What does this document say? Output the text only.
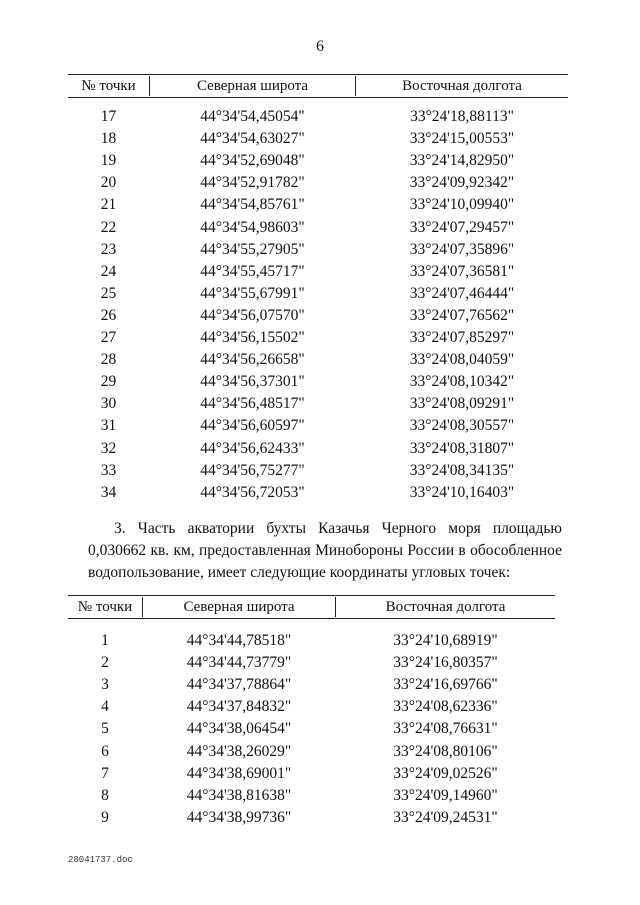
6
№ точки	Северная широта	Восточная долгота
17	44°34'54,45054"	33°24'18,88113"
18	44°34'54,63027"	33°24'15,00553"
19	44°34'52,69048"	33°24'14,82950"
20	44°34'52,91782"	33°24'09,92342"
21	44°34'54,85761"	33°24'10,09940"
22	44°34'54,98603"	33°24'07,29457"
23	44°34'55,27905"	33°24'07,35896"
24	44°34'55,45717"	33°24'07,36581"
25	44°34'55,67991"	33°24'07,46444"
26	44°34'56,07570"	33°24'07,76562"
27	44°34'56,15502"	33°24'07,85297"
28	44°34'56,26658"	33°24'08,04059"
29	44°34'56,37301"	33°24'08,10342"
30	44°34'56,48517"	33°24'08,09291"
31	44°34'56,60597"	33°24'08,30557"
32	44°34'56,62433"	33°24'08,31807"
33	44°34'56,75277"	33°24'08,34135"
34	44°34'56,72053"	33°24'10,16403"
3. Часть акватории бухты Казачья Черного моря площадью 0,030662 кв. км, предоставленная Минобороны России в обособленное водопользование, имеет следующие координаты угловых точек:
№ точки	Северная широта	Восточная долгота
1	44°34'44,78518"	33°24'10,68919"
2	44°34'44,73779"	33°24'16,80357"
3	44°34'37,78864"	33°24'16,69766"
4	44°34'37,84832"	33°24'08,62336"
5	44°34'38,06454"	33°24'08,76631"
6	44°34'38,26029"	33°24'08,80106"
7	44°34'38,69001"	33°24'09,02526"
8	44°34'38,81638"	33°24'09,14960"
9	44°34'38,99736"	33°24'09,24531"
28041737.doc
